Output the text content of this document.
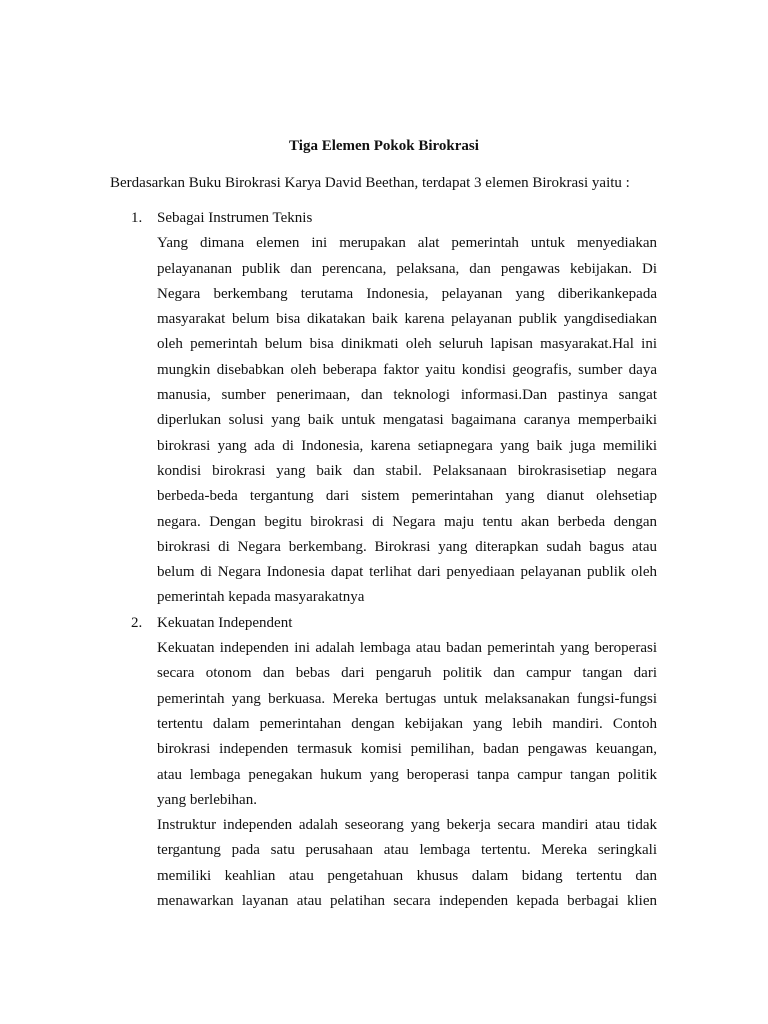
Tiga Elemen Pokok Birokrasi
Berdasarkan Buku Birokrasi Karya David Beethan, terdapat 3 elemen Birokrasi yaitu :
1. Sebagai Instrumen Teknis
Yang dimana elemen ini merupakan alat pemerintah untuk menyediakan
pelayananan publik dan perencana, pelaksana, dan pengawas kebijakan. Di
Negara berkembang terutama Indonesia, pelayanan yang diberikankepada
masyarakat belum bisa dikatakan baik karena pelayanan publik yangdisediakan
oleh pemerintah belum bisa dinikmati oleh seluruh lapisan masyarakat.Hal ini
mungkin disebabkan oleh beberapa faktor yaitu kondisi geografis, sumber daya
manusia, sumber penerimaan, dan teknologi informasi.Dan pastinya sangat
diperlukan solusi yang baik untuk mengatasi bagaimana caranya memperbaiki
birokrasi yang ada di Indonesia, karena setiapnegara yang baik juga memiliki
kondisi birokrasi yang baik dan stabil. Pelaksanaan birokrasisetiap negara
berbeda-beda tergantung dari sistem pemerintahan yang dianut olehsetiap
negara. Dengan begitu birokrasi di Negara maju tentu akan berbeda dengan
birokrasi di Negara berkembang. Birokrasi yang diterapkan sudah bagus atau
belum di Negara Indonesia dapat terlihat dari penyediaan pelayanan publik oleh
pemerintah kepada masyarakatnya
2. Kekuatan Independent
Kekuatan independen ini adalah lembaga atau badan pemerintah yang beroperasi
secara otonom dan bebas dari pengaruh politik dan campur tangan dari
pemerintah yang berkuasa. Mereka bertugas untuk melaksanakan fungsi-fungsi
tertentu dalam pemerintahan dengan kebijakan yang lebih mandiri. Contoh
birokrasi independen termasuk komisi pemilihan, badan pengawas keuangan,
atau lembaga penegakan hukum yang beroperasi tanpa campur tangan politik
yang berlebihan.
Instruktur independen adalah seseorang yang bekerja secara mandiri atau tidak
tergantung pada satu perusahaan atau lembaga tertentu. Mereka seringkali
memiliki keahlian atau pengetahuan khusus dalam bidang tertentu dan
menawarkan layanan atau pelatihan secara independen kepada berbagai klien
